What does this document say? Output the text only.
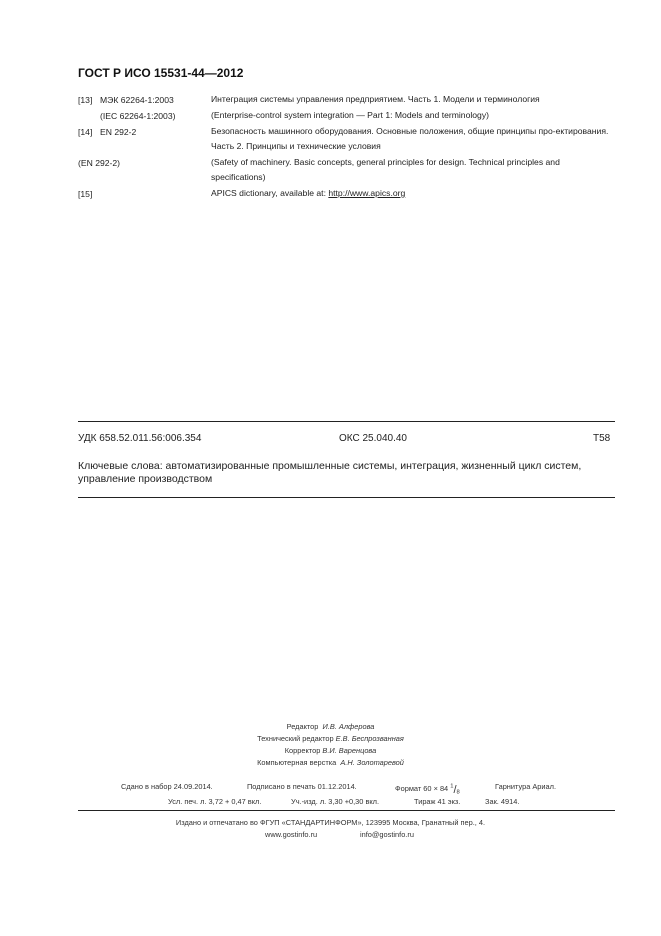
ГОСТ Р ИСО 15531-44—2012
[13] МЭК 62264-1:2003	Интеграция системы управления предприятием. Часть 1. Модели и терминология
(IEC 62264-1:2003)	(Enterprise-control system integration — Part 1: Models and terminology)
[14] EN 292-2	Безопасность машинного оборудования. Основные положения, общие принципы про-ектирования. Часть 2. Принципы и технические условия
(EN 292-2)	(Safety of machinery. Basic concepts, general principles for design. Technical principles and specifications)
[15]	APICS dictionary, available at: http://www.apics.org
УДК 658.52.011.56:006.354	ОКС 25.040.40	Т58
Ключевые слова: автоматизированные промышленные системы, интеграция, жизненный цикл систем, управление производством
Редактор И.В. Алферова
Технический редактор Е.В. Беспрозванная
Корректор В.И. Варенцова
Компьютерная верстка А.Н. Золотаревой
Сдано в набор 24.09.2014.	Подписано в печать 01.12.2014.	Формат 60 × 84 $^1/_8$
Гарнитура Ариал.
Усл. печ. л. 3,72 + 0,47 вкл.	Уч.-изд. л. 3,30 +0,30 вкл.	Тираж 41 экз.	Зак. 4914.
Издано и отпечатано во ФГУП «СТАНДАРТИНФОРМ», 123995 Москва, Гранатный пер., 4.
www.gostinfo.ru	info@gostinfo.ru
